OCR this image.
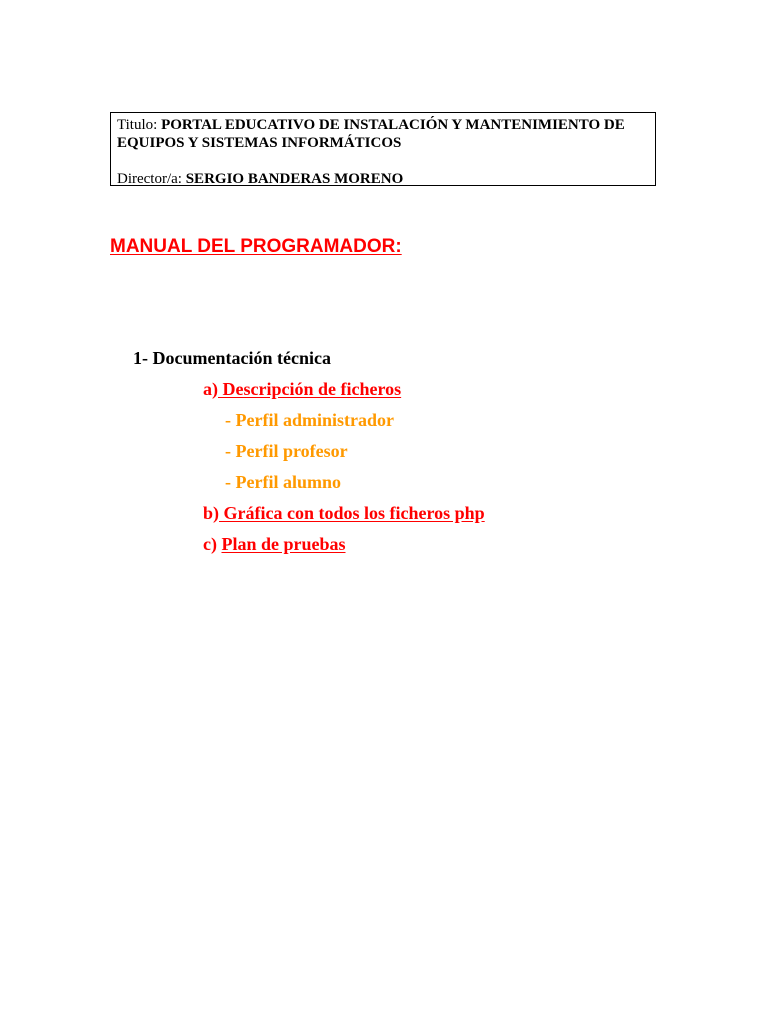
Titulo: PORTAL EDUCATIVO DE INSTALACIÓN Y MANTENIMIENTO DE
EQUIPOS Y SISTEMAS INFORMÁTICOS
Director/a: SERGIO BANDERAS MORENO
MANUAL DEL PROGRAMADOR:
1- Documentación técnica
a) Descripción de ficheros
- Perfil administrador
- Perfil profesor
- Perfil alumno
b) Gráfica con todos los ficheros php
c) Plan de pruebas
